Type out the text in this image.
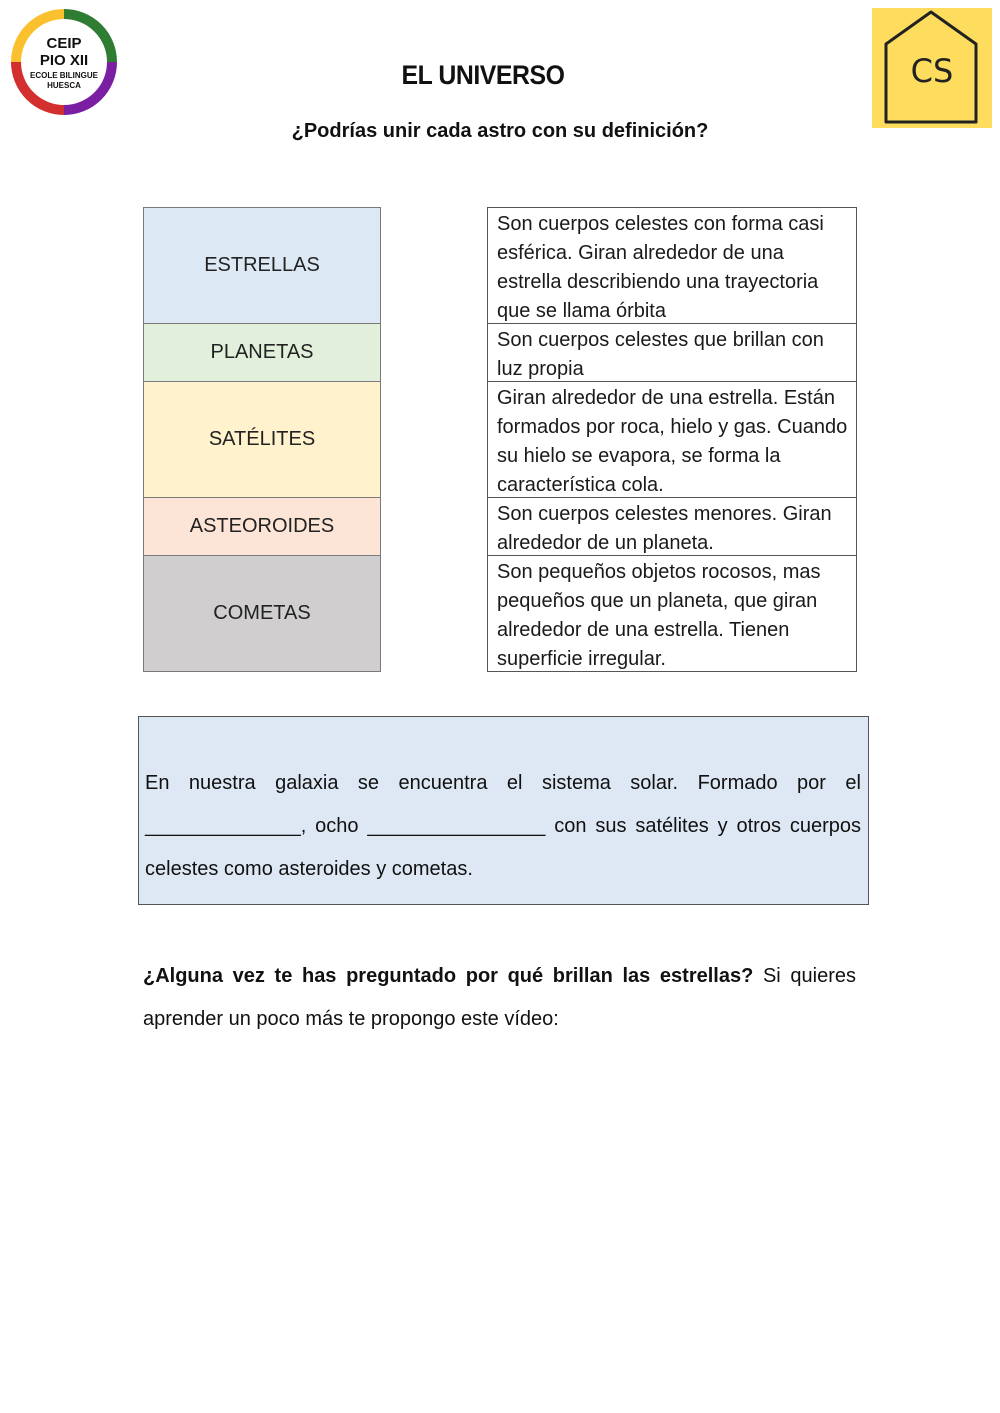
CEIP
PIO XII
ECOLE BILINGUE
HUESCA	CS
EL UNIVERSO
¿Podrías unir cada astro con su definición?
ESTRELLAS
PLANETAS
SATÉLITES
ASTEOROIDES
COMETAS
Son cuerpos celestes con forma casi esférica. Giran alrededor de una estrella describiendo una trayectoria que se llama órbita
Son cuerpos celestes que brillan con luz propia
Giran alrededor de una estrella. Están formados por roca, hielo y gas. Cuando su hielo se evapora, se forma la característica cola.
Son cuerpos celestes menores. Giran alrededor de un planeta.
Son pequeños objetos rocosos, mas pequeños que un planeta, que giran alrededor de una estrella. Tienen superficie irregular.
En nuestra galaxia se encuentra el sistema solar. Formado por el ______________, ocho ________________ con sus satélites y otros cuerpos celestes como asteroides y cometas.
¿Alguna vez te has preguntado por qué brillan las estrellas? Si quieres aprender un poco más te propongo este vídeo:
